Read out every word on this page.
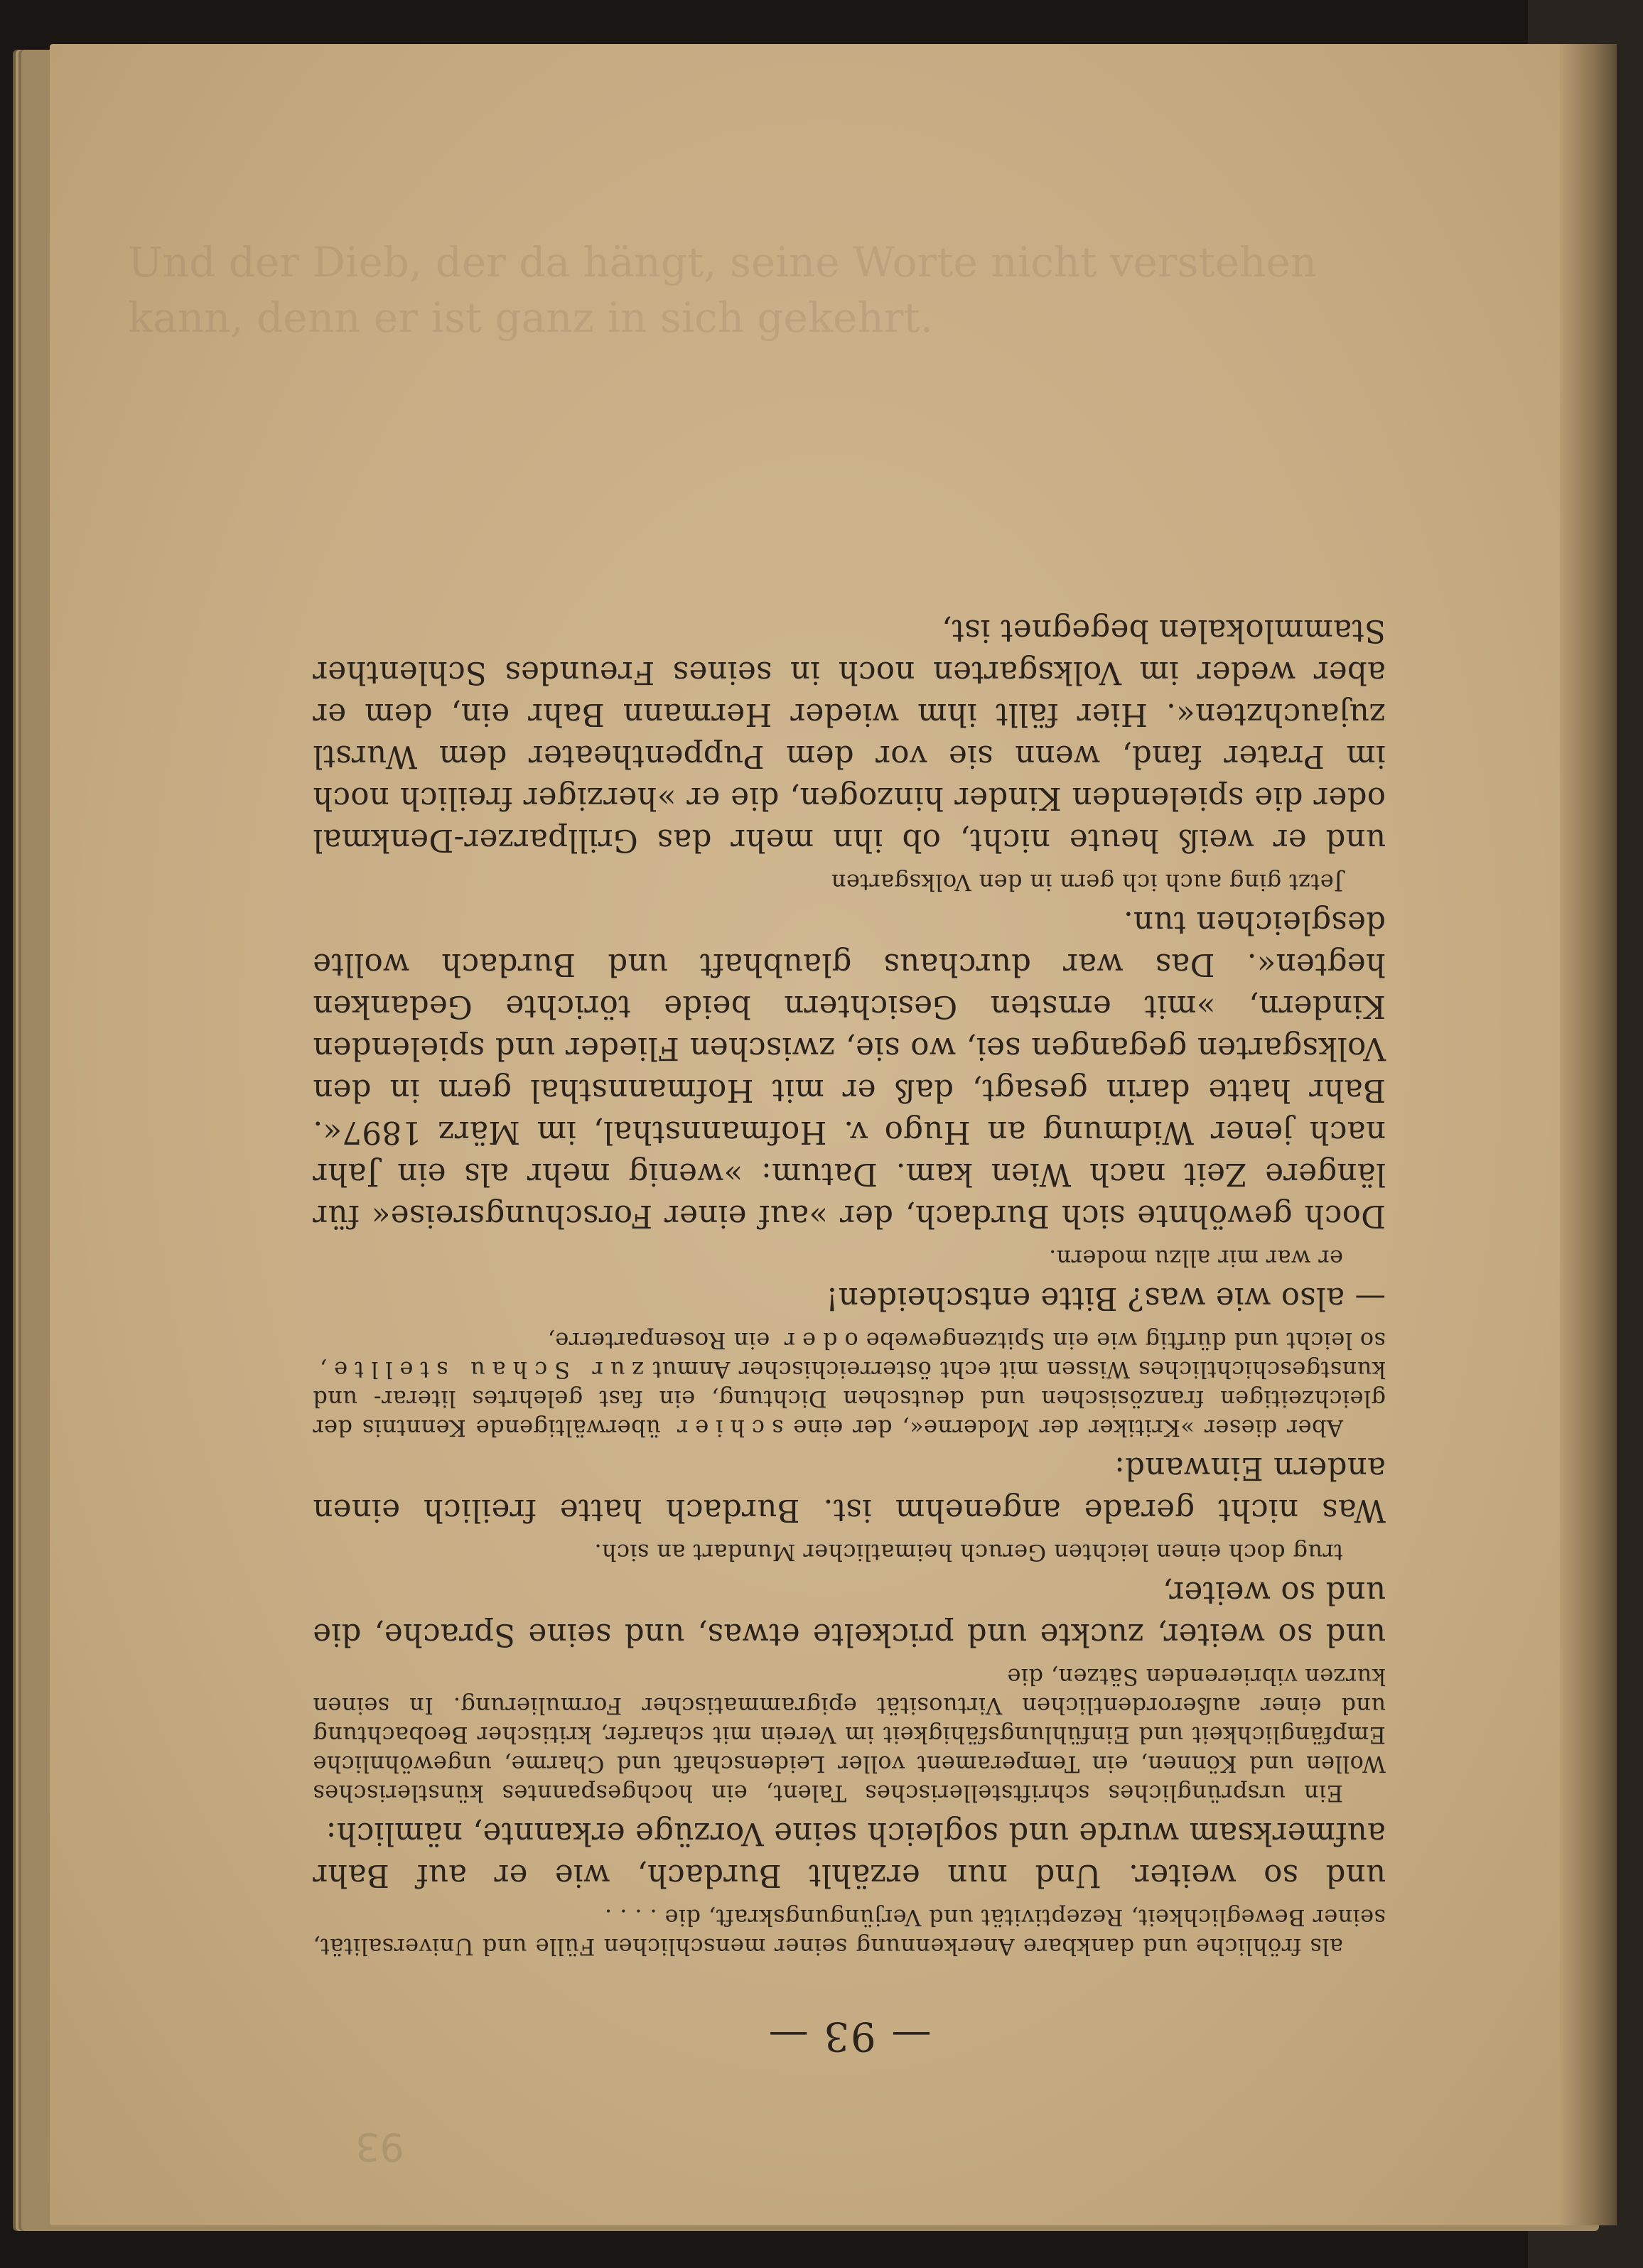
— 93 —

als fröhliche und dankbare Anerkennung seiner menschlichen Fülle und Universalität, seiner Beweglichkeit, Rezeptivität und Verjüngungskraft, die . . . .

und so weiter. Und nun erzählt Burdach, wie er auf Bahr aufmerksam wurde und sogleich seine Vorzüge erkannte, nämlich:

Ein ursprüngliches schriftstellerisches Talent, ein hochgespanntes künstlerisches Wollen und Können, ein Temperament voller Leidenschaft und Charme, ungewöhnliche Empfänglichkeit und Einfühlungsfähigkeit im Verein mit scharfer, kritischer Beobachtung und einer außerordentlichen Virtuosität epigrammatischer Formulierung. In seinen kurzen vibrierenden Sätzen, die

und so weiter, zuckte und prickelte etwas, und seine Sprache, die und so weiter,

trug doch einen leichten Geruch heimatlicher Mundart an sich.

Was nicht gerade angenehm ist. Burdach hatte freilich einen andern Einwand:

Aber dieser »Kritiker der Moderne«, der eine schier überwältigende Kenntnis der gleichzeitigen französischen und deutschen Dichtung, ein fast gelehrtes literar- und kunstgeschichtliches Wissen mit echt österreichischer Anmut zur Schau stellte, so leicht und dürftig wie ein Spitzengewebe oder ein Rosenparterre,

— also wie was? Bitte entscheiden!

er war mir allzu modern.

Doch gewöhnte sich Burdach, der »auf einer Forschungsreise« für längere Zeit nach Wien kam. Datum: »wenig mehr als ein Jahr nach jener Widmung an Hugo v. Hofmannsthal, im März 1897«. Bahr hatte darin gesagt, daß er mit Hofmannsthal gern in den Volksgarten gegangen sei, wo sie, zwischen Flieder und spielenden Kindern, »mit ernsten Gesichtern beide törichte Gedanken hegten«. Das war durchaus glaubhaft und Burdach wollte desgleichen tun.

Jetzt ging auch ich gern in den Volksgarten

und er weiß heute nicht, ob ihn mehr das Grillparzer-Denkmal oder die spielenden Kinder hinzogen, die er »herziger freilich noch im Prater fand, wenn sie vor dem Puppentheater dem Wurstl zujauchzten«. Hier fällt ihm wieder Hermann Bahr ein, dem er aber weder im Volksgarten noch in seines Freundes Schlenther Stammlokalen begegnet ist,

93
